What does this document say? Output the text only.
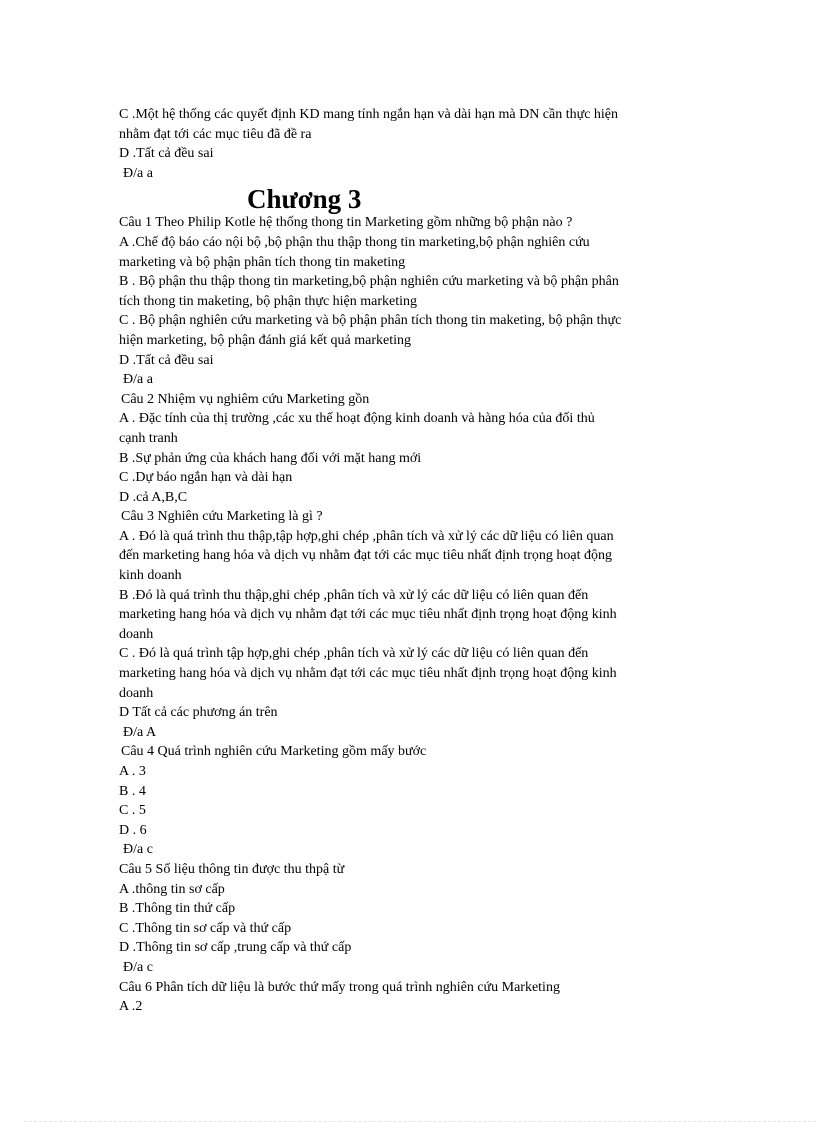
C .Một hệ thống các quyết định KD mang tính ngắn hạn và dài hạn mà DN cần thực hiện

nhằm đạt tới các mục tiêu đã đề ra

D .Tất cả đều sai

Đ/a a

Chương 3

Câu 1 Theo Philip Kotle hệ thống thong tin Marketing gồm những bộ phận nào ?

A .Chế độ báo cáo nội bộ ,bộ phận thu thập thong tin marketing,bộ phận nghiên cứu

marketing và bộ phận phân tích thong tin maketing

B . Bộ phận thu thập thong tin marketing,bộ phận nghiên cứu marketing và bộ phận phân

tích thong tin maketing, bộ phận thực hiện marketing

C . Bộ phận nghiên cứu marketing và bộ phận phân tích thong tin maketing, bộ phận thực

hiện marketing, bộ phận đánh giá kết quả marketing

D .Tất cả đều sai

Đ/a a

Câu 2 Nhiệm vụ nghiêm cứu Marketing gồn

A . Đặc tính của thị trường ,các xu thế hoạt động kinh doanh và hàng hóa của đối thủ

cạnh tranh

B .Sự phản ứng của khách hang đối với mặt hang mới

C .Dự báo ngắn hạn và dài hạn

D .cả A,B,C

Câu 3 Nghiên cứu Marketing là gì ?

A . Đó là quá trình thu thập,tập hợp,ghi chép ,phân tích và xử lý các dữ liệu có liên quan

đến marketing hang hóa và dịch vụ nhằm đạt tới các mục tiêu nhất định trọng hoạt động

kinh doanh

B .Đó là quá trình thu thập,ghi chép ,phân tích và xử lý các dữ liệu có liên quan đến

marketing hang hóa và dịch vụ nhằm đạt tới các mục tiêu nhất định trọng hoạt động kinh

doanh

C . Đó là quá trình tập hợp,ghi chép ,phân tích và xử lý các dữ liệu có liên quan đến

marketing hang hóa và dịch vụ nhằm đạt tới các mục tiêu nhất định trọng hoạt động kinh

doanh

D Tất cả các phương án trên

Đ/a A

Câu 4 Quá trình nghiên cứu Marketing gồm mấy bước

A . 3

B . 4

C . 5

D . 6

Đ/a c

Câu 5 Số liệu thông tin được thu thpậ từ

A .thông tin sơ cấp

B .Thông tin thứ cấp

C .Thông tin sơ cấp và thứ cấp

D .Thông tin sơ cấp ,trung cấp và thứ cấp

Đ/a c

Câu 6 Phân tích dữ liệu là bước thứ mấy trong quá trình nghiên cứu Marketing

A .2
